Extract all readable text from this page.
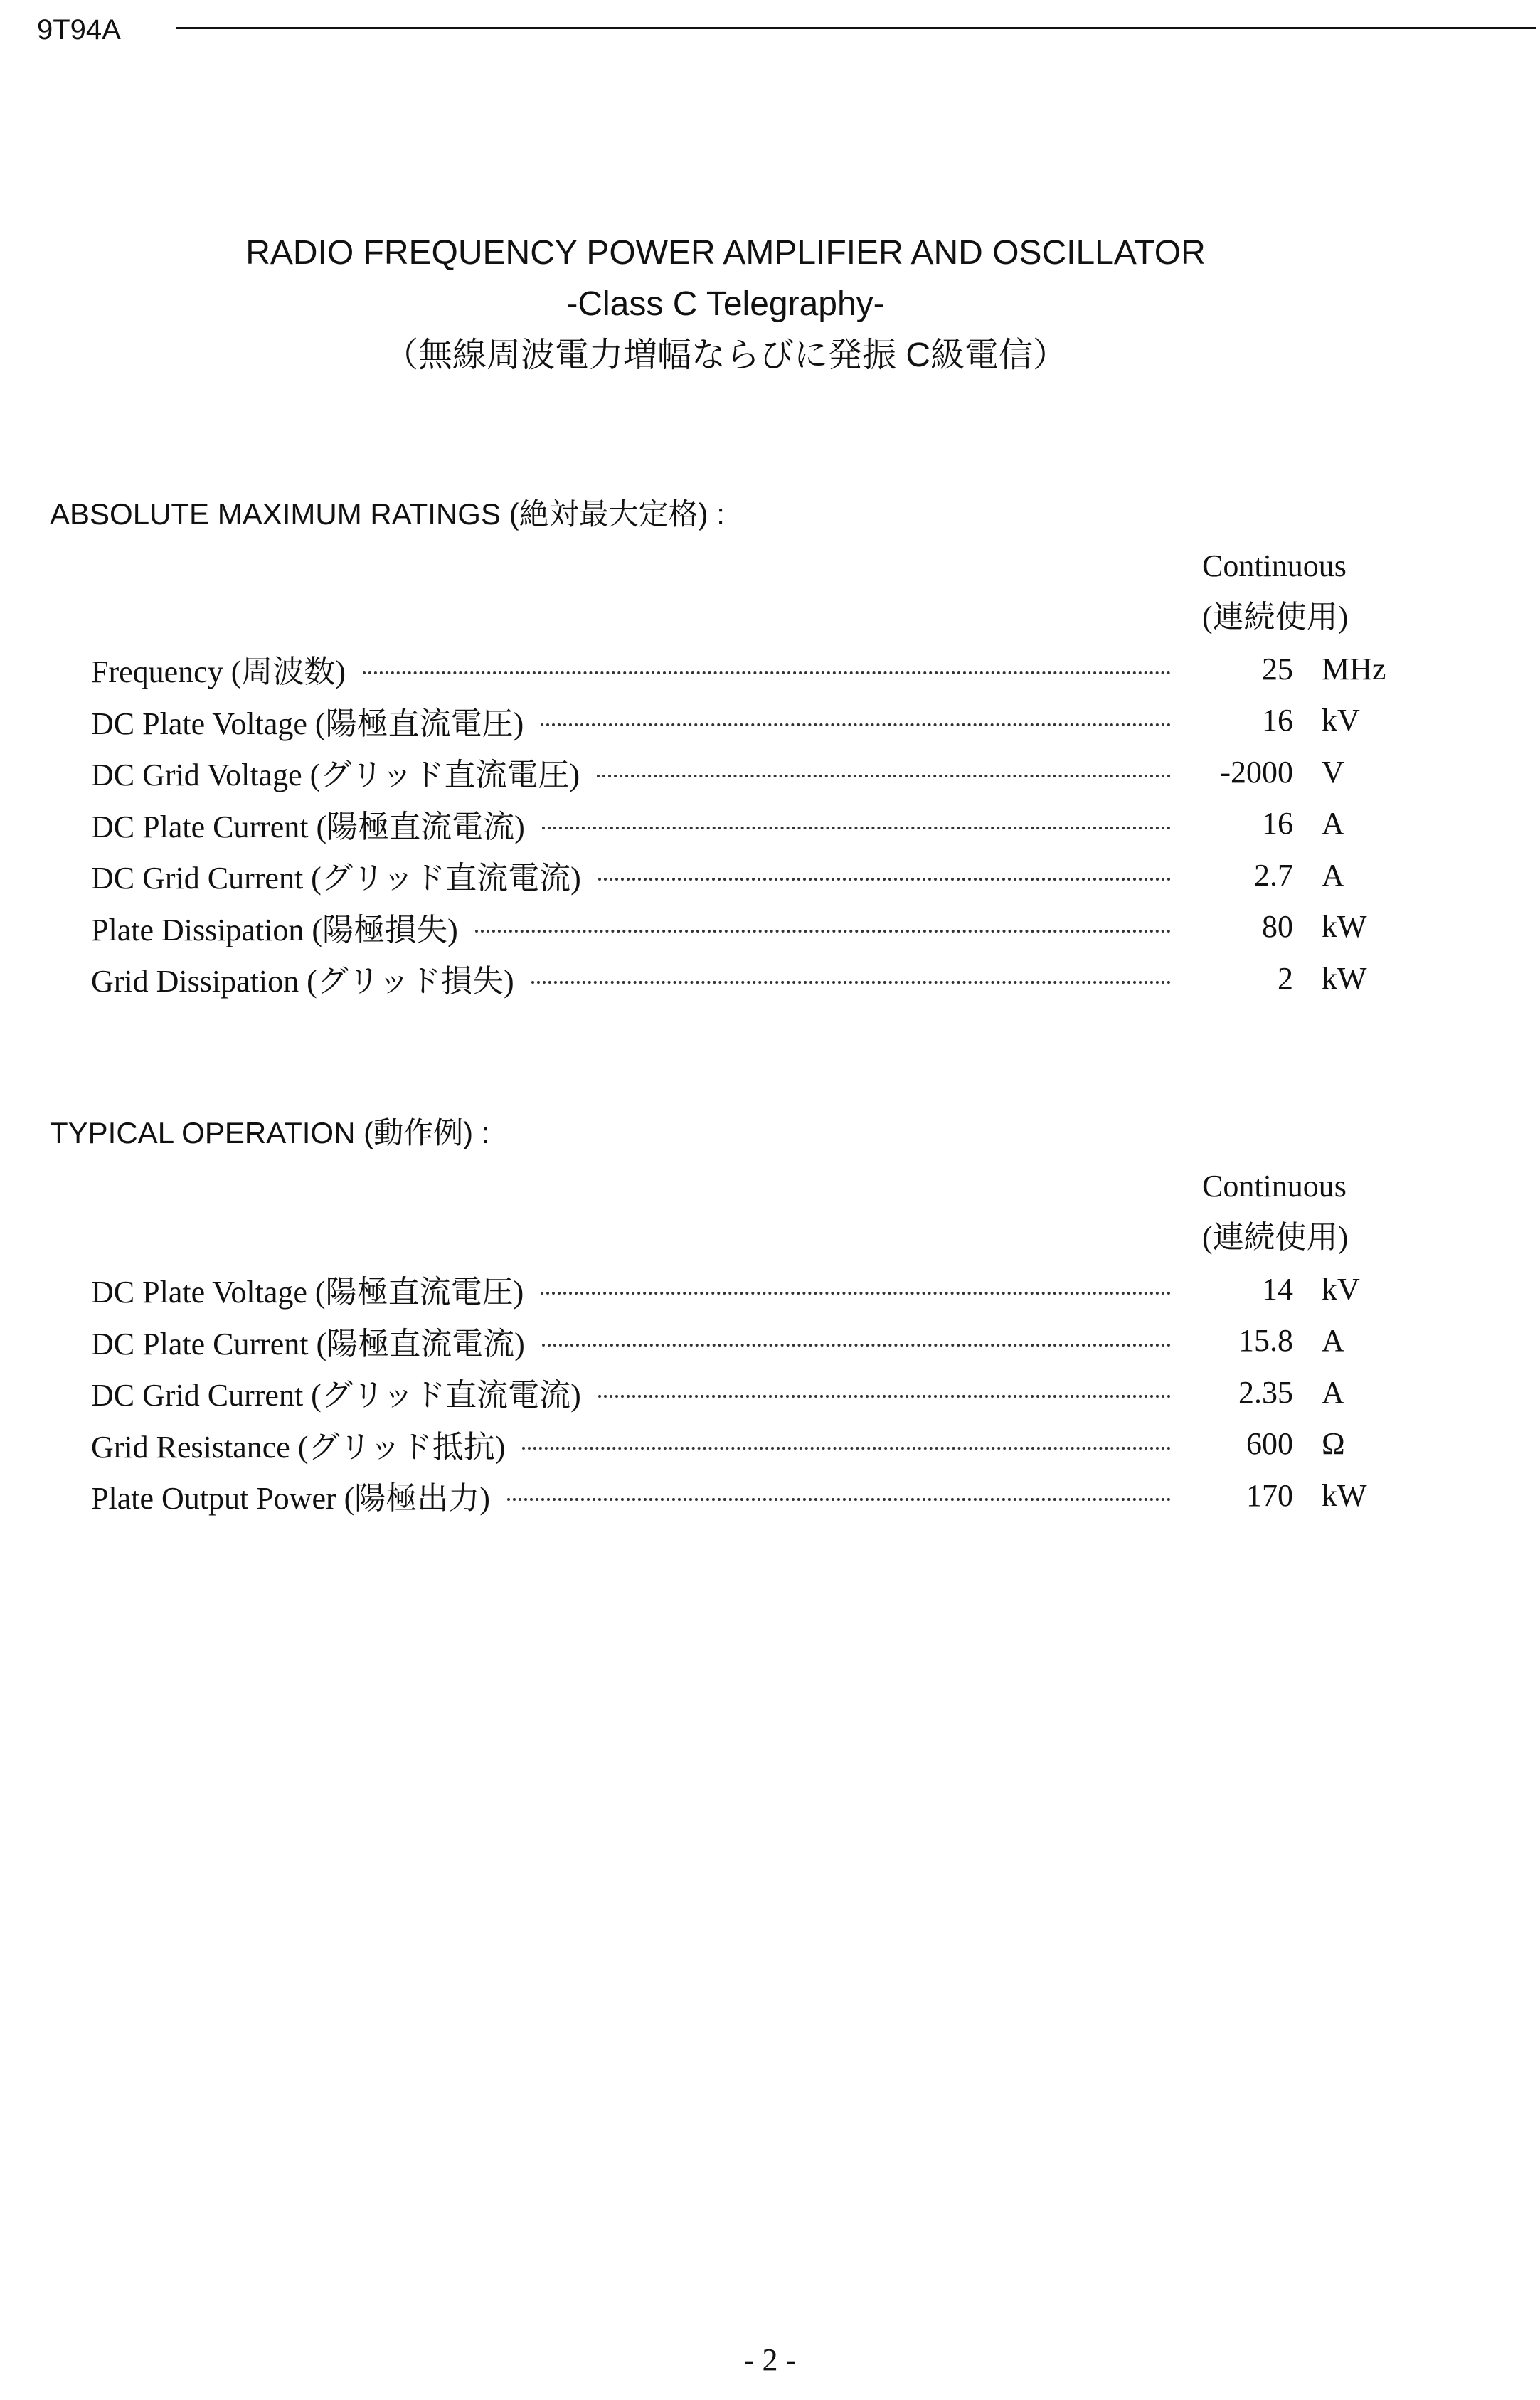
9T94A
RADIO FREQUENCY POWER AMPLIFIER AND OSCILLATOR
-Class C Telegraphy-
（無線周波電力増幅ならびに発振 C級電信）
ABSOLUTE MAXIMUM RATINGS (絶対最大定格) :
Continuous
(連続使用)
Frequency (周波数)	25 MHz
DC Plate Voltage (陽極直流電圧)	16 kV
DC Grid Voltage (グリッド直流電圧)	-2000 V
DC Plate Current (陽極直流電流)	16 A
DC Grid Current (グリッド直流電流)	2.7 A
Plate Dissipation (陽極損失)	80 kW
Grid Dissipation (グリッド損失)	2 kW
TYPICAL OPERATION (動作例) :
Continuous
(連続使用)
DC Plate Voltage (陽極直流電圧)	14 kV
DC Plate Current (陽極直流電流)	15.8 A
DC Grid Current (グリッド直流電流)	2.35 A
Grid Resistance (グリッド抵抗)	600 Ω
Plate Output Power (陽極出力)	170 kW
- 2 -
